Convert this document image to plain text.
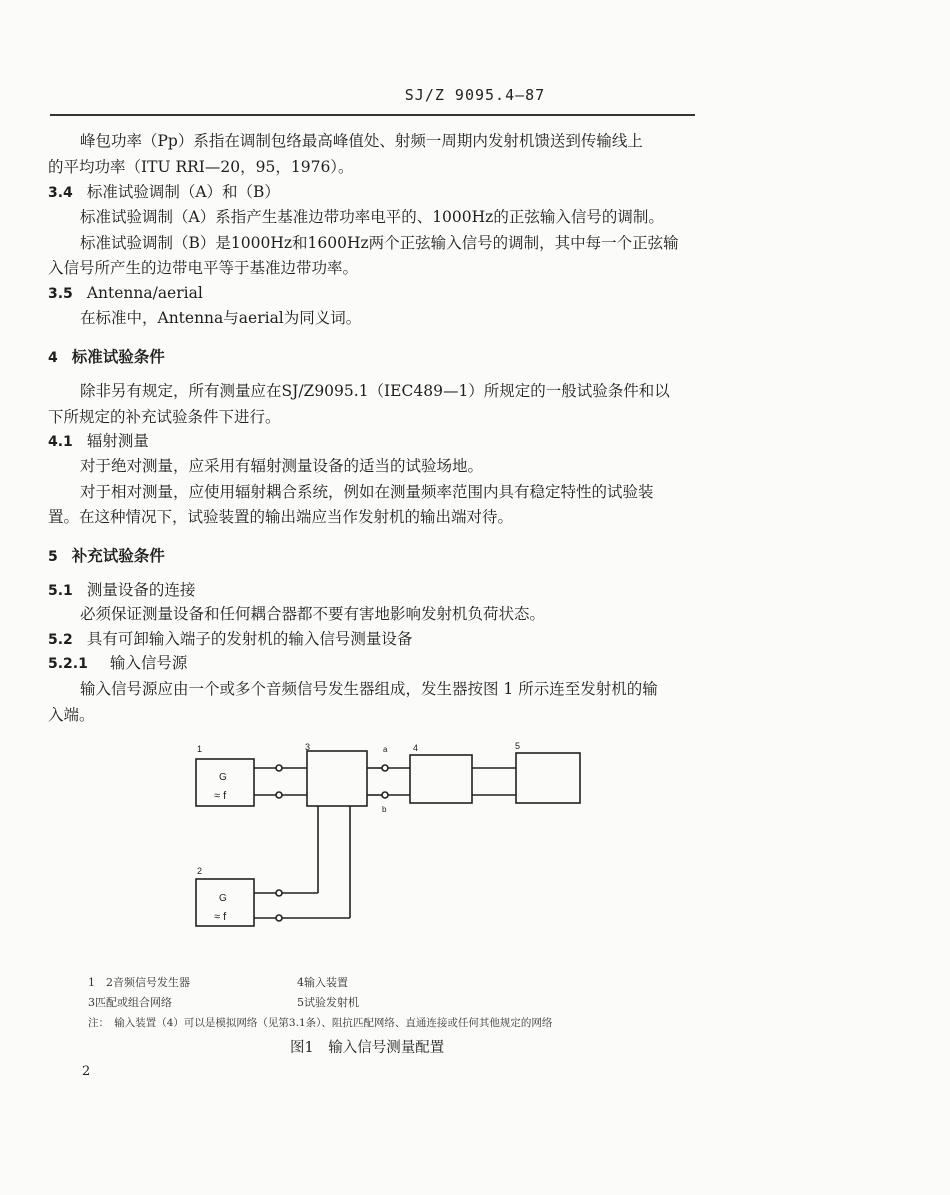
SJ/Z 9095.4—87
峰包功率（Pp）系指在调制包络最高峰值处、射频一周期内发射机馈送到传输线上
的平均功率（ITU RRI—20，95，1976）。
3.4 标准试验调制（A）和（B）
标准试验调制（A）系指产生基准边带功率电平的、1000Hz的正弦输入信号的调制。
标准试验调制（B）是1000Hz和1600Hz两个正弦输入信号的调制，其中每一个正弦输
入信号所产生的边带电平等于基准边带功率。
3.5 Antenna/aerial
在标准中，Antenna与aerial为同义词。
4 标准试验条件
除非另有规定，所有测量应在SJ/Z9095.1（IEC489—1）所规定的一般试验条件和以
下所规定的补充试验条件下进行。
4.1 辐射测量
对于绝对测量，应采用有辐射测量设备的适当的试验场地。
对于相对测量，应使用辐射耦合系统，例如在测量频率范围内具有稳定特性的试验装
置。在这种情况下，试验装置的输出端应当作发射机的输出端对待。
5 补充试验条件
5.1 测量设备的连接
必须保证测量设备和任何耦合器都不要有害地影响发射机负荷状态。
5.2 具有可卸输入端子的发射机的输入信号测量设备
5.2.1 输入信号源
输入信号源应由一个或多个音频信号发生器组成，发生器按图 1 所示连至发射机的输
入端。
1	3	a
b
4	5
2
G
≈ f
G
≈ f
1　2音频信号发生器	4输入装置
3匹配或组合网络	5试验发射机
注：　输入装置（4）可以是模拟网络（见第3.1条）、阻抗匹配网络、直通连接或任何其他规定的网络
图1　输入信号测量配置
2
